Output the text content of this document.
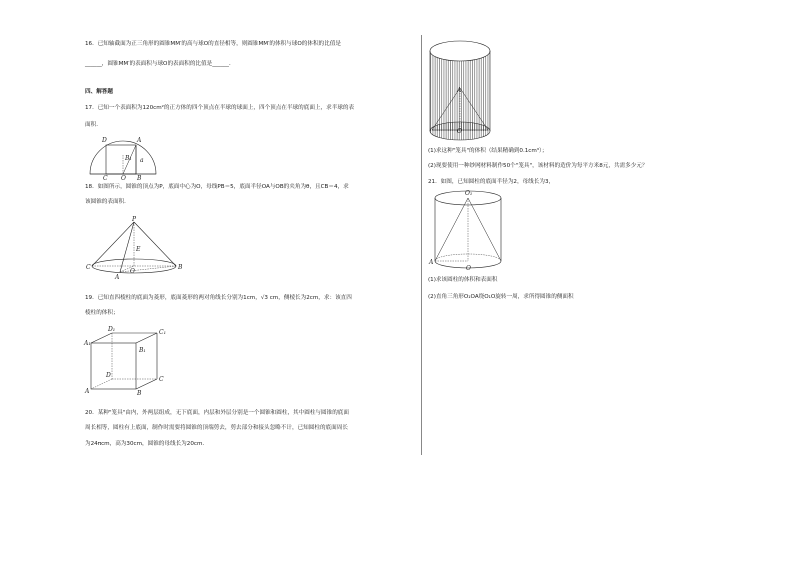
16．已知轴截面为正三角形的圆锥MM′的高与球O的直径相等，则圆锥MM′的体积与球O的体积的比值是
______，圆锥MM′的表面积与球O的表面积的比值是______．
四、解答题
17．已知一个表面积为120cm²的正方体的四个顶点在半球的球面上，四个顶点在半球的底面上，求半球的表
面积．
D	A
B
C O
B₁ a
18．如图所示，圆锥的顶点为P，底面中心为O，母线PB＝5，底面半径OA与OB的夹角为θ，且CB＝4，求
该圆锥的表面积．
P
E
C
O
B
A
19．已知直四棱柱的底面为菱形，底面菱形的两对角线长分别为1cm，√3 cm，侧棱长为2cm，求：该直四
棱柱的体积；
D₁	C₁
A₁
B₁
D
C
A	B
20．某种"笼具"由内，外两层组成，无下底面，内层和外层分别是一个圆锥和圆柱，其中圆柱与圆锥的底面
周长相等，圆柱有上底面，制作时需要将圆锥的顶端剪去，剪去部分和接头忽略不计，已知圆柱的底面周长
为24πcm，高为30cm，圆锥的母线长为20cm．
A
O
(1)求这种"笼具"的体积（结果精确到0.1cm³）；
(2)现要使用一种纱网材料制作50个"笼具"，该材料的造价为每平方米8元，共需多少元？
21．如图，已知圆柱的底面半径为2，母线长为3，
O₁
A
O
(1)求该圆柱的体积和表面积
(2)直角三角形O₁OA绕O₁O旋转一周，求所得圆锥的侧面积
